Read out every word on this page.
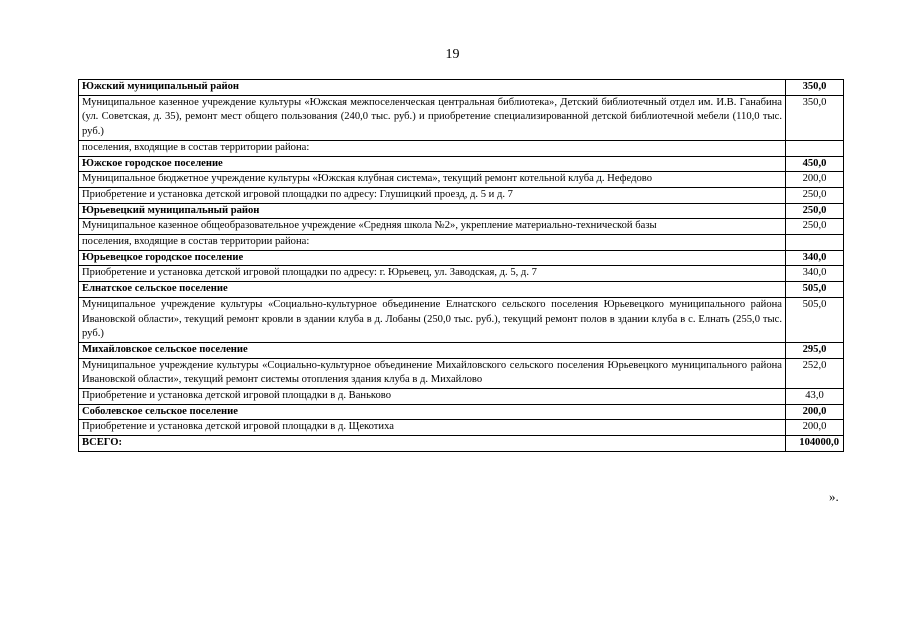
19
Южский муниципальный район	350,0
Муниципальное казенное учреждение культуры «Южская межпоселенческая центральная библиотека», Детский библиотечный отдел им. И.В. Ганабина (ул. Советская, д. 35), ремонт мест общего пользования (240,0 тыс. руб.) и приобретение специализированной детской библиотечной мебели (110,0 тыс. руб.)	350,0
поселения, входящие в состав территории района:	
Южское городское поселение	450,0
Муниципальное бюджетное учреждение культуры «Южская клубная система», текущий ремонт котельной клуба д. Нефедово	200,0
Приобретение и установка детской игровой площадки по адресу: Глушицкий проезд, д. 5 и д. 7	250,0
Юрьевецкий муниципальный район	250,0
Муниципальное казенное общеобразовательное учреждение «Средняя школа №2», укрепление материально-технической базы	250,0
поселения, входящие в состав территории района:	
Юрьевецкое городское поселение	340,0
Приобретение и установка детской игровой площадки по адресу: г. Юрьевец, ул. Заводская, д. 5, д. 7	340,0
Елнатское сельское поселение	505,0
Муниципальное учреждение культуры «Социально-культурное объединение Елнатского сельского поселения Юрьевецкого муниципального района Ивановской области», текущий ремонт кровли в здании клуба в д. Лобаны (250,0 тыс. руб.), текущий ремонт полов в здании клуба в с. Елнать (255,0 тыс. руб.)	505,0
Михайловское сельское поселение	295,0
Муниципальное учреждение культуры «Социально-культурное объединение Михайловского сельского поселения Юрьевецкого муниципального района Ивановской области», текущий ремонт системы отопления здания клуба в д. Михайлово	252,0
Приобретение и установка детской игровой площадки в д. Ваньково	43,0
Соболевское сельское поселение	200,0
Приобретение и установка детской игровой площадки в д. Щекотиха	200,0
ВСЕГО:	104000,0
».
